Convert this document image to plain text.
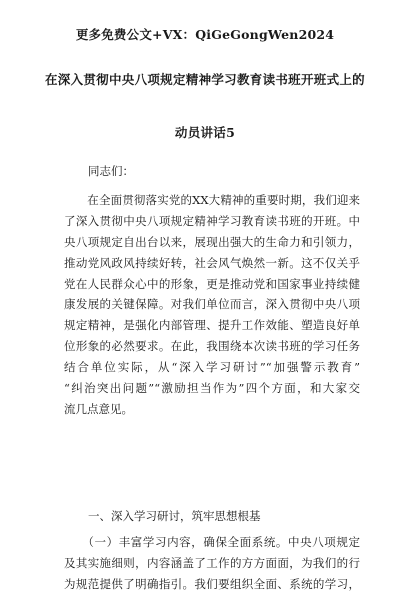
更多免费公文+VX：QiGeGongWen2024
在深入贯彻中央八项规定精神学习教育读书班开班式上的
动员讲话5
同志们：
　　在全面贯彻落实党的XX大精神的重要时期，我们迎来
了深入贯彻中央八项规定精神学习教育读书班的开班。中
央八项规定自出台以来，展现出强大的生命力和引领力，
推动党风政风持续好转，社会风气焕然一新。这不仅关乎
党在人民群众心中的形象，更是推动党和国家事业持续健
康发展的关键保障。对我们单位而言，深入贯彻中央八项
规定精神，是强化内部管理、提升工作效能、塑造良好单
位形象的必然要求。在此，我围绕本次读书班的学习任务
结合单位实际，从“深入学习研讨”“加强警示教育”
“纠治突出问题”“激励担当作为”四个方面，和大家交
流几点意见。
一、深入学习研讨，筑牢思想根基
　　（一）丰富学习内容，确保全面系统。中央八项规定
及其实施细则，内容涵盖了工作的方方面面，为我们的行
为规范提供了明确指引。我们要组织全面、系统的学习，
